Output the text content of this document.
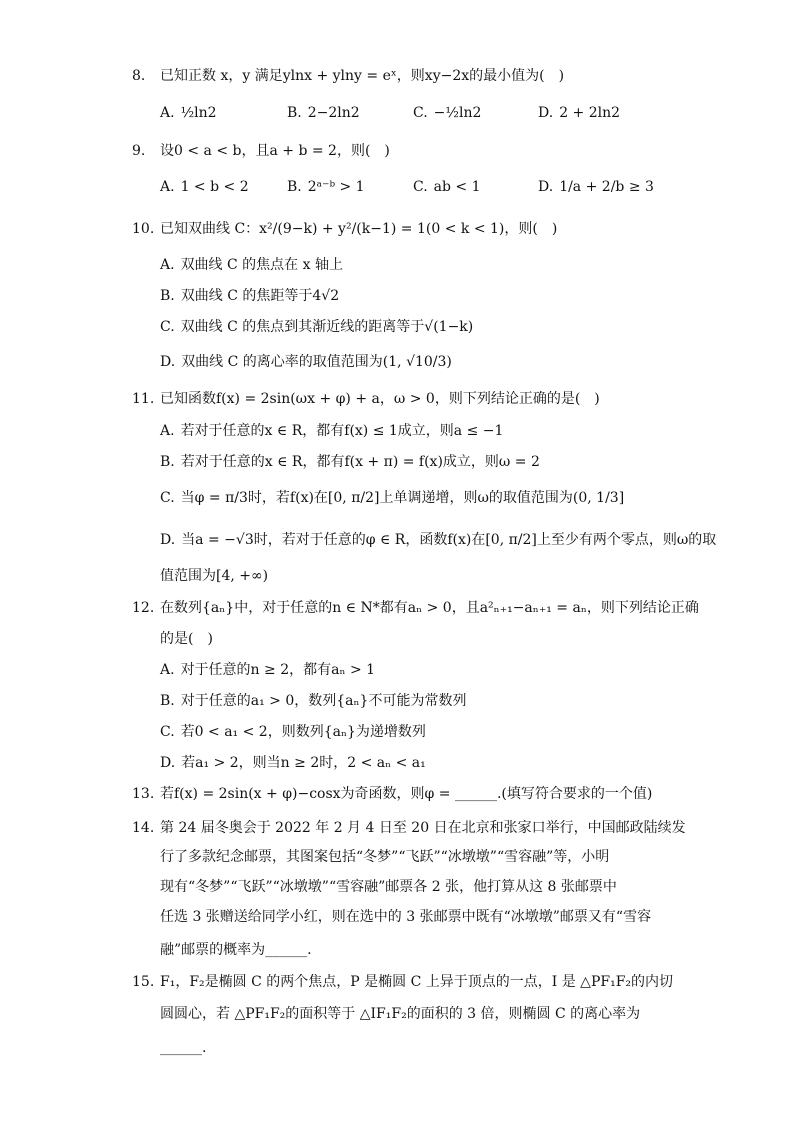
8. 已知正数 x，y 满足ylnx + ylny = eˣ，则xy−2x的最小值为(　)
A. ½ln2	B. 2−2ln2	C. −½ln2	D. 2 + 2ln2
9. 设0 < a < b，且a + b = 2，则(　)
A. 1 < b < 2	B. 2ᵃ⁻ᵇ > 1	C. ab < 1	D. 1/a + 2/b ≥ 3
10. 已知双曲线 C：x²/(9−k) + y²/(k−1) = 1(0 < k < 1)，则(　)
A. 双曲线 C 的焦点在 x 轴上
B. 双曲线 C 的焦距等于4√2
C. 双曲线 C 的焦点到其渐近线的距离等于√(1−k)
D. 双曲线 C 的离心率的取值范围为(1, √10/3)
11. 已知函数f(x) = 2sin(ωx + φ) + a，ω > 0，则下列结论正确的是(　)
A. 若对于任意的x ∈ R，都有f(x) ≤ 1成立，则a ≤ −1
B. 若对于任意的x ∈ R，都有f(x + π) = f(x)成立，则ω = 2
C. 当φ = π/3时，若f(x)在[0, π/2]上单调递增，则ω的取值范围为(0, 1/3]
D. 当a = −√3时，若对于任意的φ ∈ R，函数f(x)在[0, π/2]上至少有两个零点，则ω的取
值范围为[4, +∞)
12. 在数列{aₙ}中，对于任意的n ∈ N*都有aₙ > 0，且a²ₙ₊₁−aₙ₊₁ = aₙ，则下列结论正确
的是(　)
A. 对于任意的n ≥ 2，都有aₙ > 1
B. 对于任意的a₁ > 0，数列{aₙ}不可能为常数列
C. 若0 < a₁ < 2，则数列{aₙ}为递增数列
D. 若a₁ > 2，则当n ≥ 2时，2 < aₙ < a₁
13. 若f(x) = 2sin(x + φ)−cosx为奇函数，则φ = ______.(填写符合要求的一个值)
14. 第 24 届冬奥会于 2022 年 2 月 4 日至 20 日在北京和张家口举行，中国邮政陆续发
行了多款纪念邮票，其图案包括“冬梦”“飞跃”“冰墩墩”“雪容融”等，小明
现有“冬梦”“飞跃”“冰墩墩”“雪容融”邮票各 2 张，他打算从这 8 张邮票中
任选 3 张赠送给同学小红，则在选中的 3 张邮票中既有“冰墩墩”邮票又有“雪容
融”邮票的概率为______.
15. F₁，F₂是椭圆 C 的两个焦点，P 是椭圆 C 上异于顶点的一点，I 是 △PF₁F₂的内切
圆圆心，若 △PF₁F₂的面积等于 △IF₁F₂的面积的 3 倍，则椭圆 C 的离心率为
______.
